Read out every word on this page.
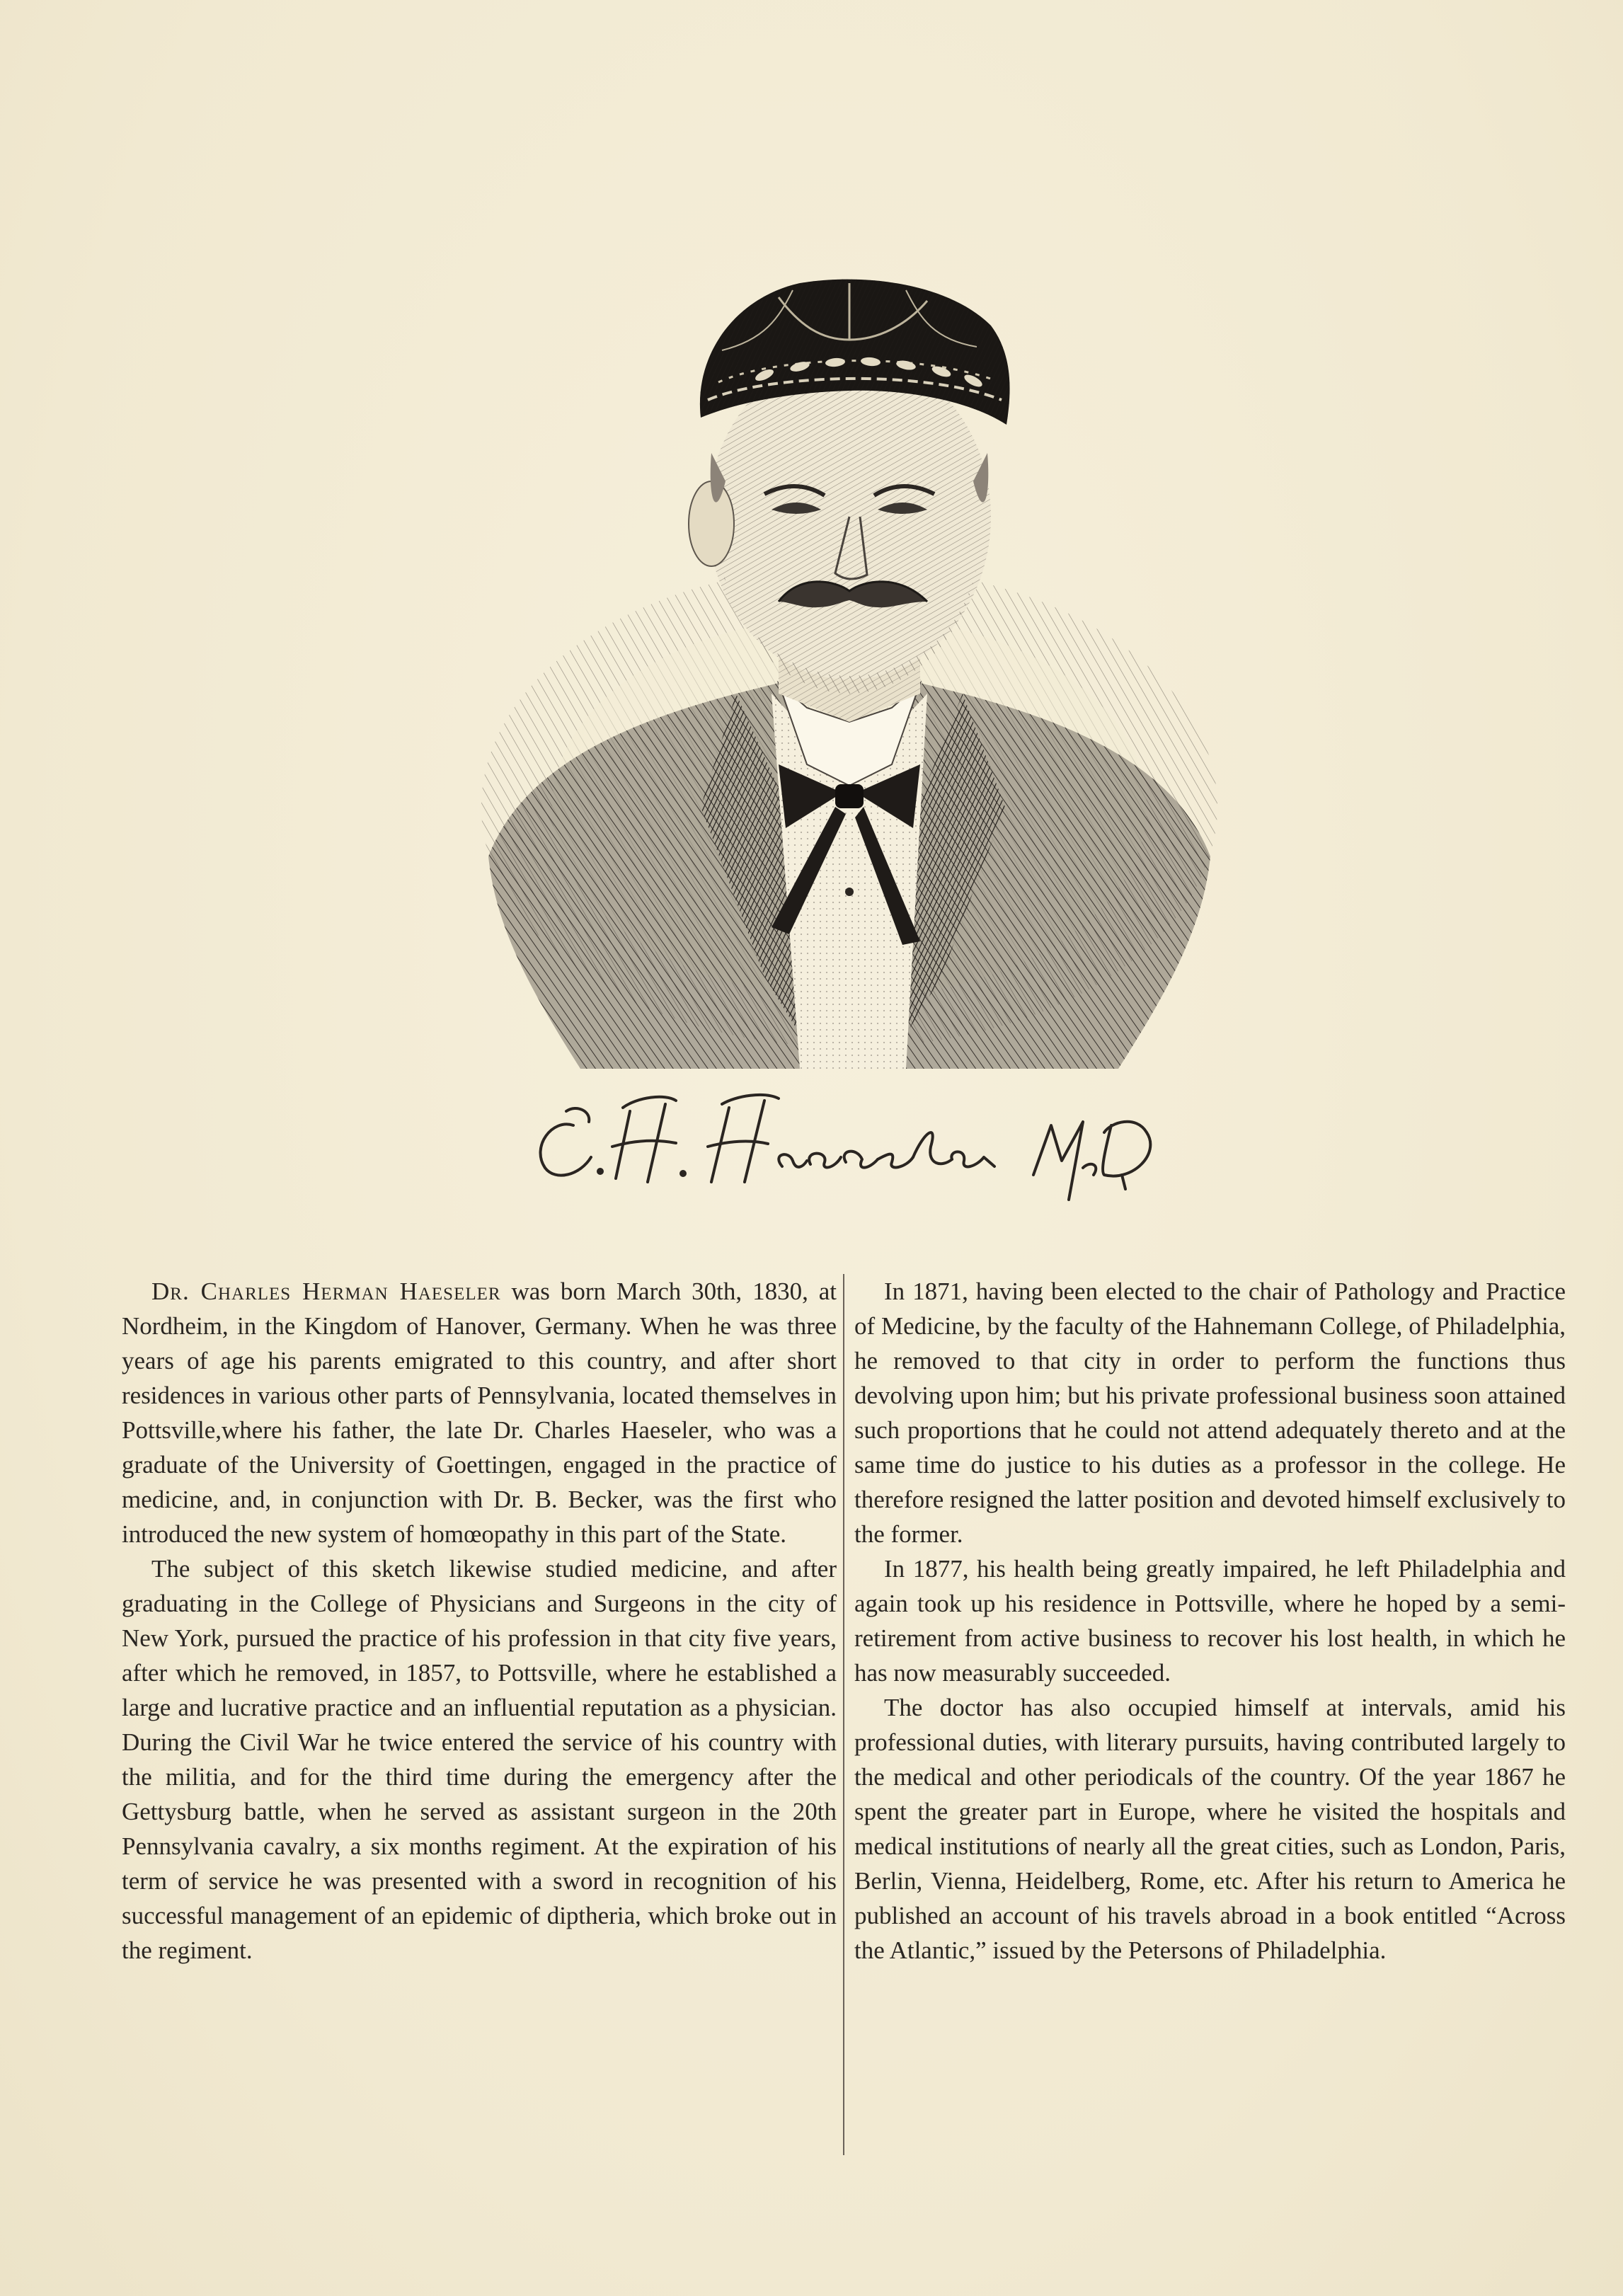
Dr. Charles Herman Haeseler was born March 30th, 1830, at Nordheim, in the Kingdom of Hanover, Germany. When he was three years of age his parents emigrated to this country, and after short residences in various other parts of Pennsylvania, located themselves in Pottsville,where his father, the late Dr. Charles Haeseler, who was a graduate of the University of Goettingen, engaged in the practice of medicine, and, in conjunction with Dr. B. Becker, was the first who introduced the new system of homœopathy in this part of the State.

The subject of this sketch likewise studied medicine, and after graduating in the College of Physicians and Surgeons in the city of New York, pursued the practice of his profession in that city five years, after which he removed, in 1857, to Pottsville, where he established a large and lucrative practice and an influential reputation as a physician. During the Civil War he twice entered the service of his country with the militia, and for the third time during the emergency after the Gettysburg battle, when he served as assistant surgeon in the 20th Pennsylvania cavalry, a six months regiment. At the expiration of his term of service he was presented with a sword in recognition of his successful management of an epidemic of diptheria, which broke out in the regiment.

In 1871, having been elected to the chair of Pathology and Practice of Medicine, by the faculty of the Hahnemann College, of Philadelphia, he removed to that city in order to perform the functions thus devolving upon him; but his private professional business soon attained such proportions that he could not attend adequately thereto and at the same time do justice to his duties as a professor in the college. He therefore resigned the latter position and devoted himself exclusively to the former.

In 1877, his health being greatly impaired, he left Philadelphia and again took up his residence in Pottsville, where he hoped by a semi-retirement from active business to recover his lost health, in which he has now measurably succeeded.

The doctor has also occupied himself at intervals, amid his professional duties, with literary pursuits, having contributed largely to the medical and other periodicals of the country. Of the year 1867 he spent the greater part in Europe, where he visited the hospitals and medical institutions of nearly all the great cities, such as London, Paris, Berlin, Vienna, Heidelberg, Rome, etc. After his return to America he published an account of his travels abroad in a book entitled “Across the Atlantic,” issued by the Petersons of Philadelphia.
